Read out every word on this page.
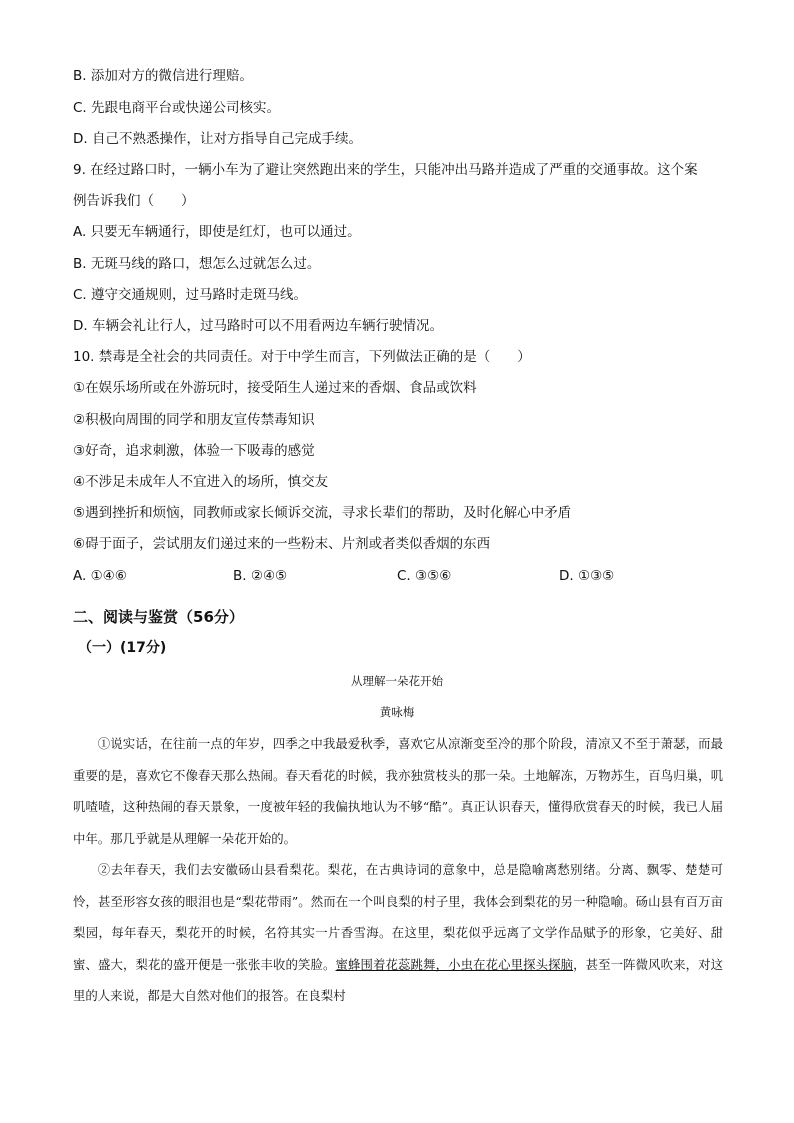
B. 添加对方的微信进行理赔。
C. 先跟电商平台或快递公司核实。
D. 自己不熟悉操作，让对方指导自己完成手续。
9. 在经过路口时，一辆小车为了避让突然跑出来的学生，只能冲出马路并造成了严重的交通事故。这个案
例告诉我们（　　）
A. 只要无车辆通行，即使是红灯，也可以通过。
B. 无斑马线的路口，想怎么过就怎么过。
C. 遵守交通规则，过马路时走斑马线。
D. 车辆会礼让行人，过马路时可以不用看两边车辆行驶情况。
10. 禁毒是全社会的共同责任。对于中学生而言，下列做法正确的是（　　）
①在娱乐场所或在外游玩时，接受陌生人递过来的香烟、食品或饮料
②积极向周围的同学和朋友宣传禁毒知识
③好奇，追求刺激，体验一下吸毒的感觉
④不涉足未成年人不宜进入的场所，慎交友
⑤遇到挫折和烦恼，同教师或家长倾诉交流，寻求长辈们的帮助，及时化解心中矛盾
⑥碍于面子，尝试朋友们递过来的一些粉末、片剂或者类似香烟的东西
A. ①④⑥	B. ②④⑤	C. ③⑤⑥	D. ①③⑤
二、阅读与鉴赏（56分）
（一）(17分)
从理解一朵花开始
黄咏梅

①说实话，在往前一点的年岁，四季之中我最爱秋季，喜欢它从凉渐变至冷的那个阶段，清凉又不至于萧瑟，而最重要的是，喜欢它不像春天那么热闹。春天看花的时候，我亦独赏枝头的那一朵。土地解冻，万物苏生，百鸟归巢，叽叽喳喳，这种热闹的春天景象，一度被年轻的我偏执地认为不够“酷”。真正认识春天，懂得欣赏春天的时候，我已人届中年。那几乎就是从理解一朵花开始的。

②去年春天，我们去安徽砀山县看梨花。梨花，在古典诗词的意象中，总是隐喻离愁别绪。分离、飘零、楚楚可怜，甚至形容女孩的眼泪也是“梨花带雨”。然而在一个叫良梨的村子里，我体会到梨花的另一种隐喻。砀山县有百万亩梨园，每年春天，梨花开的时候，名符其实一片香雪海。在这里，梨花似乎远离了文学作品赋予的形象，它美好、甜蜜、盛大，梨花的盛开便是一张张丰收的笑脸。蜜蜂围着花蕊跳舞，小虫在花心里探头探脑，甚至一阵微风吹来，对这里的人来说，都是大自然对他们的报答。在良梨村
